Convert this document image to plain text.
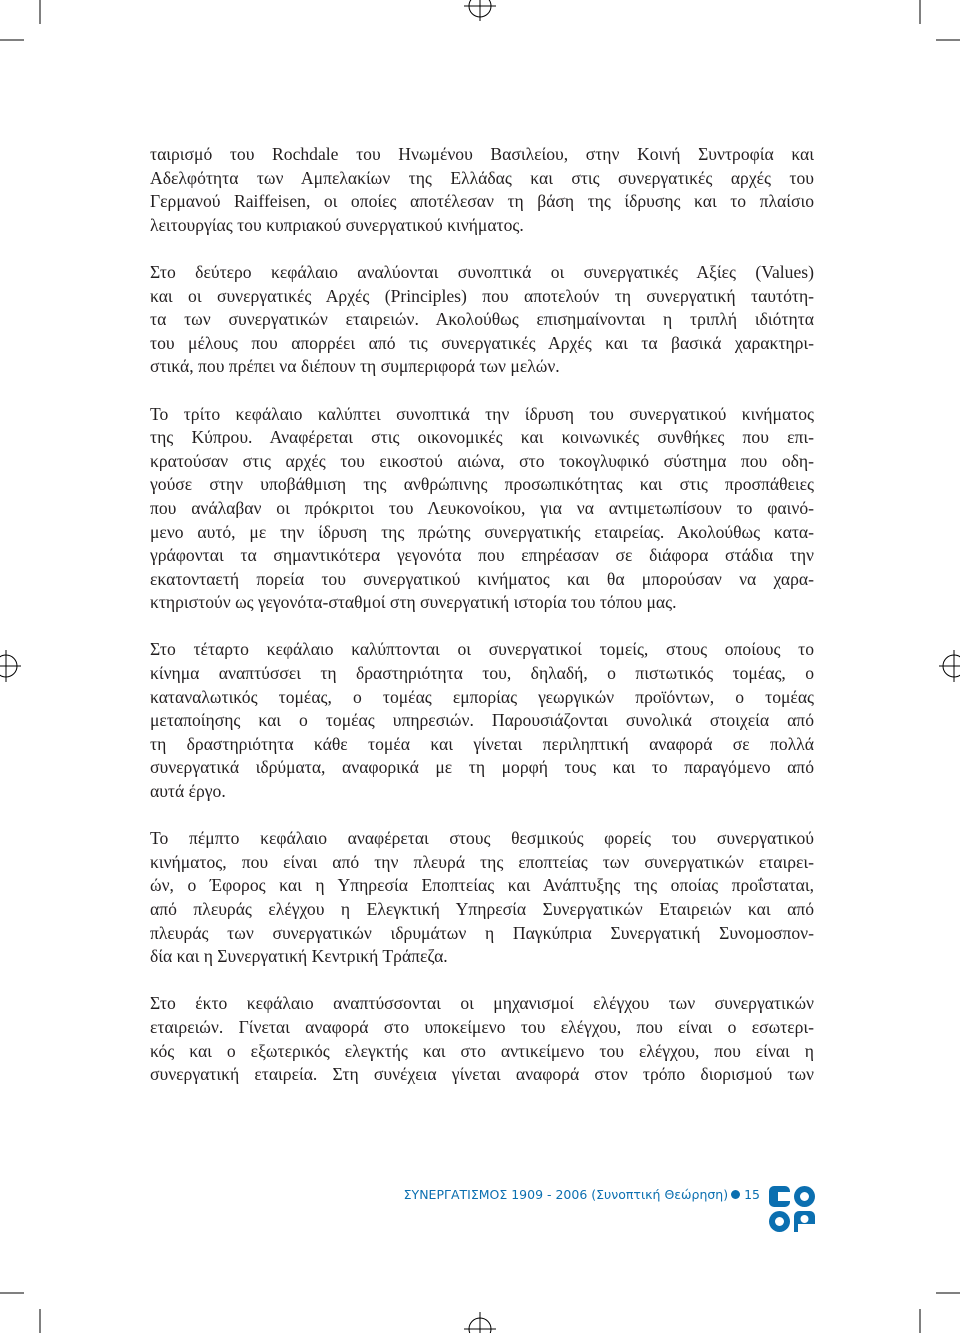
ταιρισμό του Rochdale του Ηνωμένου Βασιλείου, στην Κοινή Συντροφία και
Αδελφότητα των Αμπελακίων της Ελλάδας και στις συνεργατικές αρχές του
Γερμανού Raiffeisen, οι οποίες αποτέλεσαν τη βάση της ίδρυσης και το πλαίσιο
λειτουργίας του κυπριακού συνεργατικού κινήματος.

Στο δεύτερο κεφάλαιο αναλύονται συνοπτικά οι συνεργατικές Αξίες (Values)
και οι συνεργατικές Αρχές (Principles) που αποτελούν τη συνεργατική ταυτότη-
τα των συνεργατικών εταιρειών. Ακολούθως επισημαίνονται η τριπλή ιδιότητα
του μέλους που απορρέει από τις συνεργατικές Αρχές και τα βασικά χαρακτηρι-
στικά, που πρέπει να διέπουν τη συμπεριφορά των μελών.

Το τρίτο κεφάλαιο καλύπτει συνοπτικά την ίδρυση του συνεργατικού κινήματος
της Κύπρου. Αναφέρεται στις οικονομικές και κοινωνικές συνθήκες που επι-
κρατούσαν στις αρχές του εικοστού αιώνα, στο τοκογλυφικό σύστημα που οδη-
γούσε στην υποβάθμιση της ανθρώπινης προσωπικότητας και στις προσπάθειες
που ανάλαβαν οι πρόκριτοι του Λευκονοίκου, για να αντιμετωπίσουν το φαινό-
μενο αυτό, με την ίδρυση της πρώτης συνεργατικής εταιρείας. Ακολούθως κατα-
γράφονται τα σημαντικότερα γεγονότα που επηρέασαν σε διάφορα στάδια την
εκατονταετή πορεία του συνεργατικού κινήματος και θα μπορούσαν να χαρα-
κτηριστούν ως γεγονότα-σταθμοί στη συνεργατική ιστορία του τόπου μας.

Στο τέταρτο κεφάλαιο καλύπτονται οι συνεργατικοί τομείς, στους οποίους το
κίνημα αναπτύσσει τη δραστηριότητα του, δηλαδή, ο πιστωτικός τομέας, ο
καταναλωτικός τομέας, ο τομέας εμπορίας γεωργικών προϊόντων, ο τομέας
μεταποίησης και ο τομέας υπηρεσιών. Παρουσιάζονται συνολικά στοιχεία από
τη δραστηριότητα κάθε τομέα και γίνεται περιληπτική αναφορά σε πολλά
συνεργατικά ιδρύματα, αναφορικά με τη μορφή τους και το παραγόμενο από
αυτά έργο.

Το πέμπτο κεφάλαιο αναφέρεται στους θεσμικούς φορείς του συνεργατικού
κινήματος, που είναι από την πλευρά της εποπτείας των συνεργατικών εταιρει-
ών, ο Έφορος και η Υπηρεσία Εποπτείας και Ανάπτυξης της οποίας προΐσταται,
από πλευράς ελέγχου η Ελεγκτική Υπηρεσία Συνεργατικών Εταιρειών και από
πλευράς των συνεργατικών ιδρυμάτων η Παγκύπρια Συνεργατική Συνομοσπον-
δία και η Συνεργατική Κεντρική Τράπεζα.

Στο έκτο κεφάλαιο αναπτύσσονται οι μηχανισμοί ελέγχου των συνεργατικών
εταιρειών. Γίνεται αναφορά στο υποκείμενο του ελέγχου, που είναι ο εσωτερι-
κός και ο εξωτερικός ελεγκτής και στο αντικείμενο του ελέγχου, που είναι η
συνεργατική εταιρεία. Στη συνέχεια γίνεται αναφορά στον τρόπο διορισμού των

ΣΥΝΕΡΓΑΤΙΣΜΟΣ 1909 - 2006 (Συνοπτική Θεώρηση) 15
